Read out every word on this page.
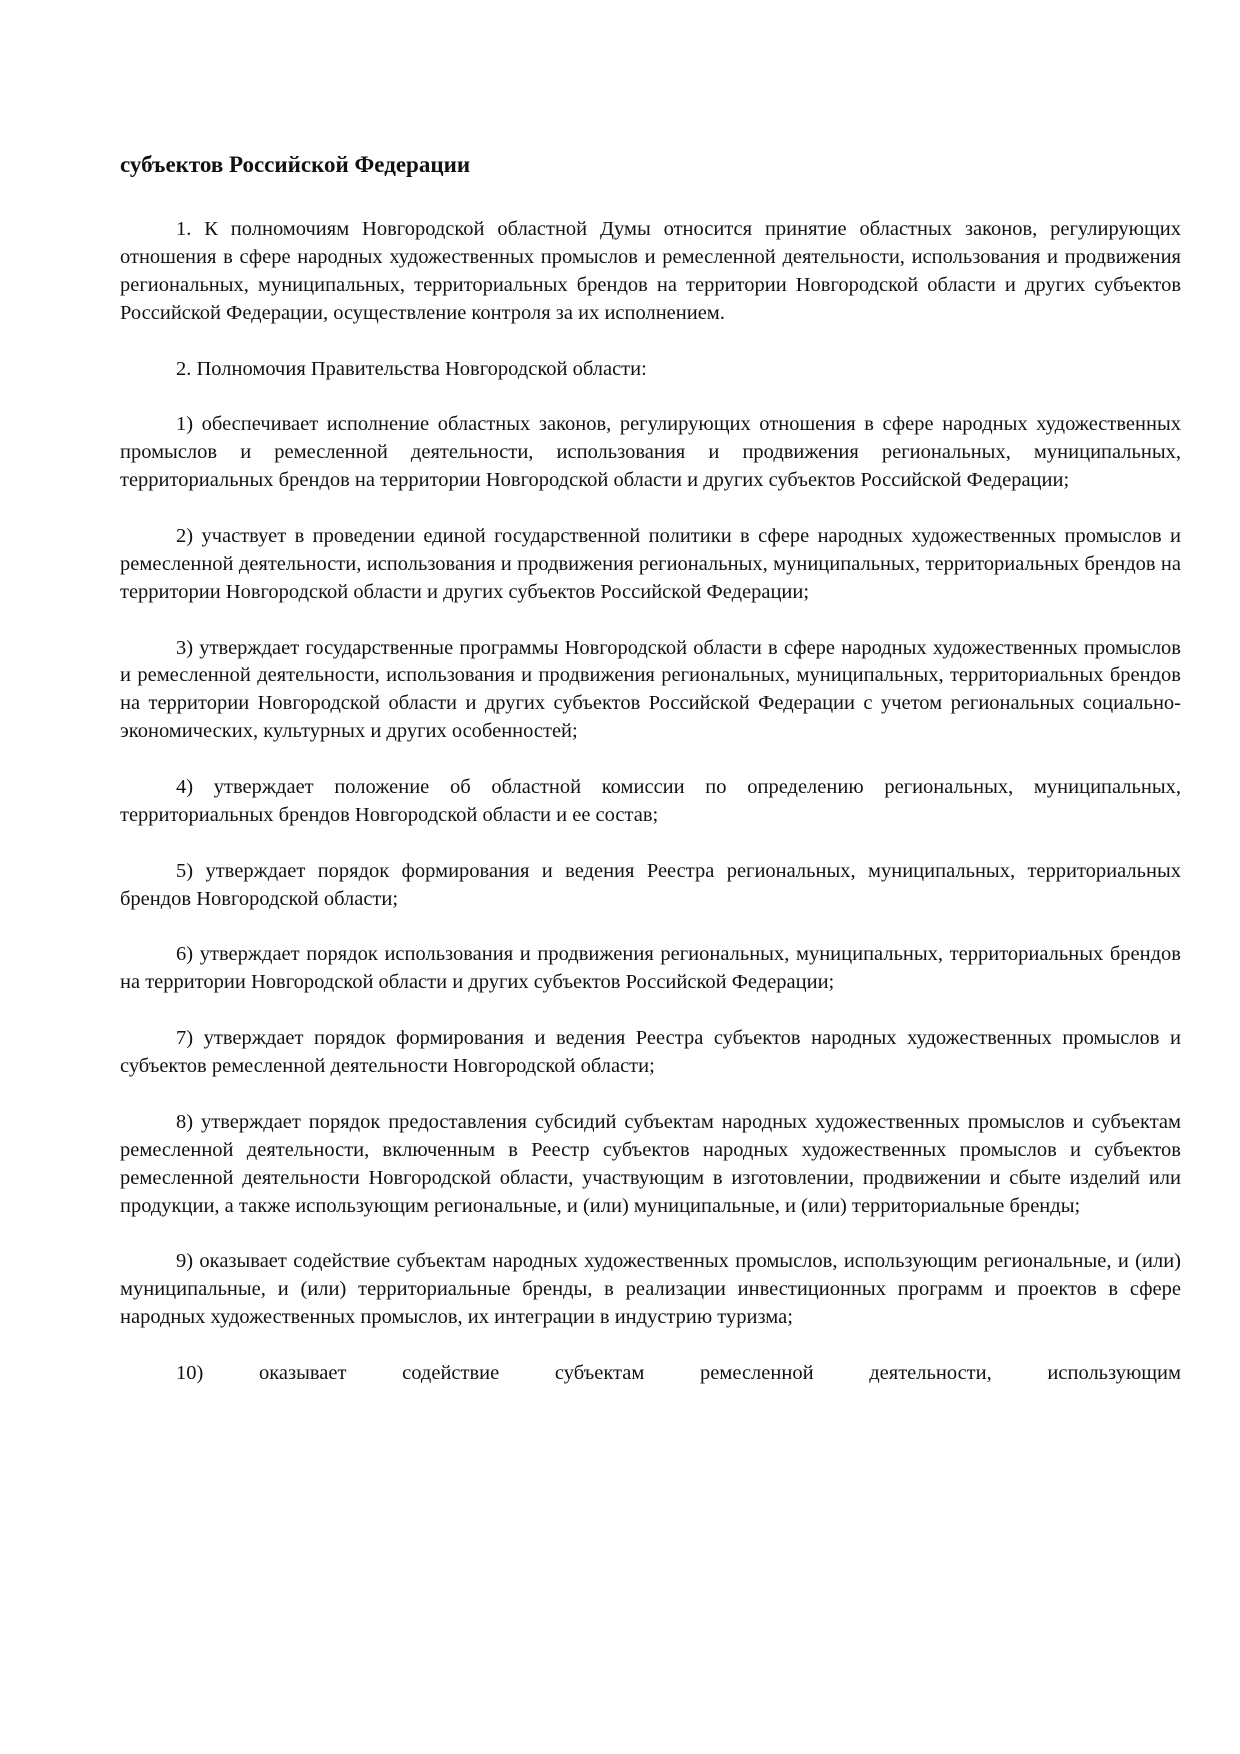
субъектов Российской Федерации

1. К полномочиям Новгородской областной Думы относится принятие областных законов, регулирующих отношения в сфере народных художественных промыслов и ремесленной деятельности, использования и продвижения региональных, муниципальных, территориальных брендов на территории Новгородской области и других субъектов Российской Федерации, осуществление контроля за их исполнением.

2. Полномочия Правительства Новгородской области:

1) обеспечивает исполнение областных законов, регулирующих отношения в сфере народных художественных промыслов и ремесленной деятельности, использования и продвижения региональных, муниципальных, территориальных брендов на территории Новгородской области и других субъектов Российской Федерации;

2) участвует в проведении единой государственной политики в сфере народных художественных промыслов и ремесленной деятельности, использования и продвижения региональных, муниципальных, территориальных брендов на территории Новгородской области и других субъектов Российской Федерации;

3) утверждает государственные программы Новгородской области в сфере народных художественных промыслов и ремесленной деятельности, использования и продвижения региональных, муниципальных, территориальных брендов на территории Новгородской области и других субъектов Российской Федерации с учетом региональных социально-экономических, культурных и других особенностей;

4) утверждает положение об областной комиссии по определению региональных, муниципальных, территориальных брендов Новгородской области и ее состав;

5) утверждает порядок формирования и ведения Реестра региональных, муниципальных, территориальных брендов Новгородской области;

6) утверждает порядок использования и продвижения региональных, муниципальных, территориальных брендов на территории Новгородской области и других субъектов Российской Федерации;

7) утверждает порядок формирования и ведения Реестра субъектов народных художественных промыслов и субъектов ремесленной деятельности Новгородской области;

8) утверждает порядок предоставления субсидий субъектам народных художественных промыслов и субъектам ремесленной деятельности, включенным в Реестр субъектов народных художественных промыслов и субъектов ремесленной деятельности Новгородской области, участвующим в изготовлении, продвижении и сбыте изделий или продукции, а также использующим региональные, и (или) муниципальные, и (или) территориальные бренды;

9) оказывает содействие субъектам народных художественных промыслов, использующим региональные, и (или) муниципальные, и (или) территориальные бренды, в реализации инвестиционных программ и проектов в сфере народных художественных промыслов, их интеграции в индустрию туризма;

10) оказывает содействие субъектам ремесленной деятельности, использующим
